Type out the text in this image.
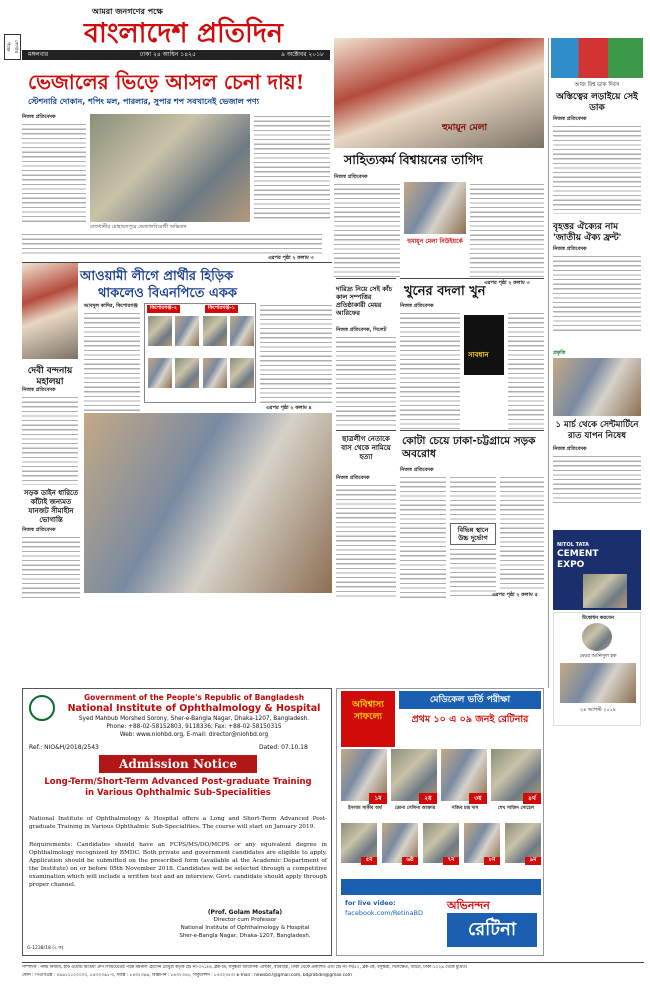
লেখার পক্ষে
আমরা জনগণের পক্ষে
বাংলাদেশ প্রতিদিন
মঙ্গলবার	ঢাকা ২৪ আশ্বিন ১৪২৫	৯ অক্টোবর ২০১৮
ভেজালের ভিড়ে আসল চেনা দায়!
স্টেশনারি দোকান, শপিং মল, পারলার, সুপার শপ সবখানেই ভেজাল পণ্য
নিজস্ব প্রতিবেদক
রাজধানীর মোহাম্মদপুরে ভেজালবিরোধী অভিযান
এরপর পৃষ্ঠা ২ কলাম ৩
হুমায়ূন মেলা
সাহিত্যকর্ম বিশ্বায়নের তাগিদ
নিজস্ব প্রতিবেদক
হুমায়ূন মেলা নিউইয়র্কে
এরপর পৃষ্ঠা ২ কলাম ৩
আজ বিশ্ব ডাক দিবস
অস্তিত্বের লড়াইয়ে সেই ডাক
নিজস্ব প্রতিবেদক
বৃহত্তর ঐক্যের নাম 'জাতীয় ঐক্য ফ্রন্ট'
নিজস্ব প্রতিবেদক
প্রকৃতি
১ মার্চ থেকে সেন্টমার্টিনে রাত যাপন নিষেধ
নিজস্ব প্রতিবেদক
NITOL TATA
CEMENT
EXPO
উদ্বোধন করবেন
মেয়র আনিসুল হক
২৪ আগস্ট ২০১৮
আওয়ামী লীগে প্রার্থীর হিড়িক
থাকলেও বিএনপিতে একক
দেবী বন্দনায়
মহালয়া
নিজস্ব প্রতিবেদক
আবদুল কাদির, কিশোরগঞ্জ	কিশোরগঞ্জ-২	কিশোরগঞ্জ-১
এরপর পৃষ্ঠা ২ কলাম ৪
সড়ক ডাইন ধারিতে কাঁটাই জন্যমত যানজট সীমাহীন ভোগান্তি
নিজস্ব প্রতিবেদক
দারিদ্র্য নিয়ে সেই কাঁচ কাল সম্পত্তির প্রতিষ্ঠাকারী মেয়র আরিফের
নিজস্ব প্রতিবেদক, সিলেট
খুনের বদলা খুন
নিজস্ব প্রতিবেদক
সাবধান
ছাত্রলীগ নেতাকে বাস থেকে নামিয়ে হত্যা
নিজস্ব প্রতিবেদক
কোটা চেয়ে ঢাকা-চট্টগ্রামে সড়ক অবরোধ
নিজস্ব প্রতিবেদক
বিভিন্ন স্থানে উচ্চ দুর্ভোগ
এরপর পৃষ্ঠা ২ কলাম ৫
Government of the People's Republic of Bangladesh
National Institute of Ophthalmology & Hospital
Syed Mahbub Morshed Sorony, Sher-e-Bangla Nagar, Dhaka-1207, Bangladesh.
Phone: +88-02-58152803, 9118336; Fax: +88-02-58150315
Web: www.niohbd.org, E-mail: director@niohbd.org
Ref.: NIO&H/2018/2543	Dated: 07.10.18
Admission Notice
Long-Term/Short-Term Advanced Post-graduate Training in Various Ophthalmic Sub-Specialities
National Institute of Ophthalmology & Hospital offers a Long and Short-Term Advanced Post-graduate Training in Various Ophthalmic Sub-Specialities. The course will start on January 2019.
Requirements: Candidates should have an FCPS/MS/DO/MCPS or any equivalent degree in Ophthalmology recognized by BMDC. Both private and government candidates are eligible to apply. Application should be submitted on the prescribed form (available at the Academic Department of the Institute) on or before 05th November 2018. Candidates will be selected through a competitive examination which will include a written test and an interview. Govt. candidate should apply through proper channel.
(Prof. Golam Mostafa)
Director cum Professor
National Institute of Ophthalmology & Hospital
Sher-e-Bangla Nagar, Dhaka-1207, Bangladesh.
G-1238/18 (৪ ক)
মেডিকেল ভর্তি পরীক্ষা
অবিশ্বাস্য সাফল্যে	প্রথম ১০ এ ০৯ জনই রেটিনার
১ম	২য়	৩য়	৪র্থ
ইসলাম সাকীব অর্থ	ডোনা সেলিনা আক্তার	সজিব চন্দ্র দাস	শেখ সাজিদ সোহেল
৫ম	৬ষ্ঠ	৭ম	৮ম	৯ম
for live video:
facebook.com/RetinaBD
অভিনন্দন
রেটিনা
সম্পাদক : নঈম নিজাম, ইস্ট ওয়েস্ট মিডিয়া গ্রুপ লিমিটেডের পক্ষে ময়নাল হোসেন চৌধুরী কর্তৃক প্লট নং-৩৭১/এ, ব্লক-ডি, বসুন্ধরা আবাসিক এলাকা, বারিধারা, ঢাকা থেকে প্রকাশিত এবং প্লট নং-সি/৫২, ব্লক-কে, বসুন্ধরা, খিলক্ষেত, বাড্ডা, ঢাকা-১২২৯ থেকে মুদ্রিত।
ফোন : পিএবিএক্স : ০৯৬১২১২০০০০, ৮৪৩২৩৬১-৩, ফ্যাক্স : ৮৪৩২৩৪৬, বিজ্ঞাপন : ৮৪৩২৩৫৫, সার্কুলেশন : ৮৪৩২৩৫৩। E-mail : newsbd7@gmail.com, bdpratidin@gmail.com
